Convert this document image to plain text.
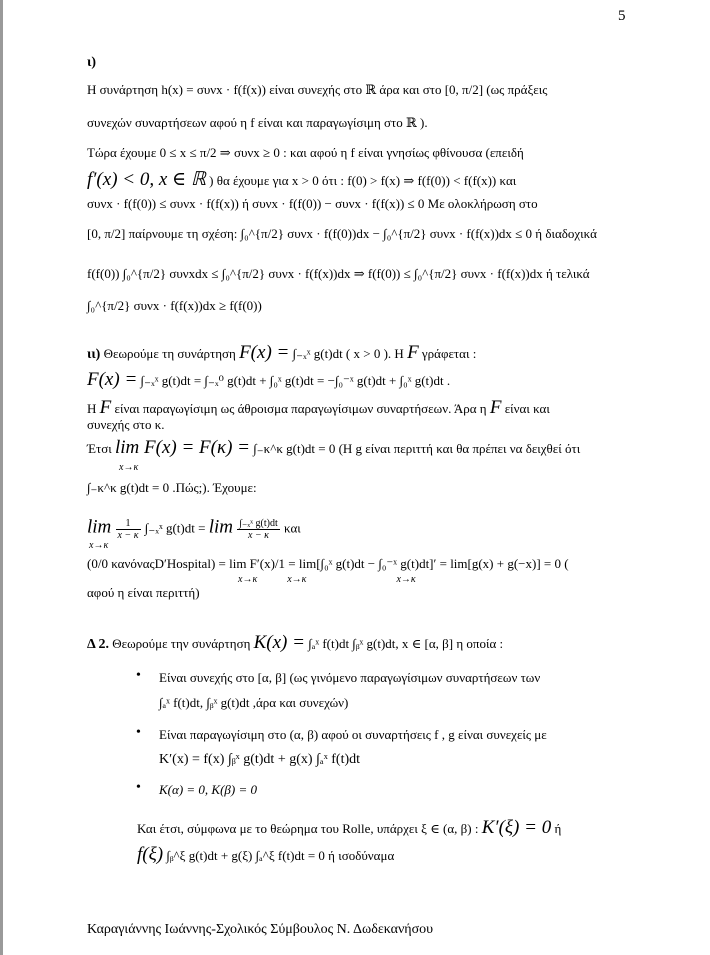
5
ι)
Η συνάρτηση h(x) = συνx · f(f(x)) είναι συνεχής στο ℝ άρα και στο [0, π/2] (ως πράξεις
συνεχών συναρτήσεων αφού η f είναι και παραγωγίσιμη στο ℝ ).
Τώρα έχουμε 0 ≤ x ≤ π/2 ⇒ συνx ≥ 0 : και αφού η f είναι γνησίως φθίνουσα (επειδή
f′(x) < 0, x ∈ ℝ ) θα έχουμε για x > 0 ότι : f(0) > f(x) ⇒ f(f(0)) < f(f(x)) και
συνx · f(f(0)) ≤ συνx · f(f(x)) ή συνx · f(f(0)) − συνx · f(f(x)) ≤ 0 Με ολοκλήρωση στο
[0, π/2] παίρνουμε τη σχέση: ∫₀^{π/2} συνx · f(f(0))dx − ∫₀^{π/2} συνx · f(f(x))dx ≤ 0 ή διαδοχικά
f(f(0)) ∫₀^{π/2} συνxdx ≤ ∫₀^{π/2} συνx · f(f(x))dx ⇒ f(f(0)) ≤ ∫₀^{π/2} συνx · f(f(x))dx ή τελικά
∫₀^{π/2} συνx · f(f(x))dx ≥ f(f(0))
ιι) Θεωρούμε τη συνάρτηση F(x) = ∫₋ₓˣ g(t)dt ( x > 0 ). Η F γράφεται :
F(x) = ∫₋ₓˣ g(t)dt = ∫₋ₓ⁰ g(t)dt + ∫₀ˣ g(t)dt = −∫₀⁻ˣ g(t)dt + ∫₀ˣ g(t)dt .
Η F είναι παραγωγίσιμη ως άθροισμα παραγωγίσιμων συναρτήσεων. Άρα η F είναι και
συνεχής στο κ.
Έτσι lim F(x) = F(κ) = ∫₋κ^κ g(t)dt = 0 (Η g είναι περιττή και θα πρέπει να δειχθεί ότι
x→κ
∫₋κ^κ g(t)dt = 0 .Πώς;). Έχουμε:
$\lim \frac{1}{x - \kappa}$ ∫₋ₓˣ $g(t)dt = \lim \frac{\text{∫₋ₓˣ g(t)dt}}{x - \kappa}$ και
x→κ
(0/0 κανόναςD′Hospital) = lim F′(x)/1 = lim[∫₀ˣ g(t)dt − ∫₀⁻ˣ g(t)dt]′ = lim[g(x) + g(−x)] = 0 (
x→κ            x→κ                                    x→κ
αφού η είναι περιττή)
Δ 2. Θεωρούμε την συνάρτηση K(x) = ∫ₐˣ f(t)dt ∫ᵦˣ g(t)dt, x ∈ [α, β] η οποία :
• Είναι συνεχής στο [α, β] (ως γινόμενο παραγωγίσιμων συναρτήσεων των
∫ₐˣ f(t)dt, ∫ᵦˣ g(t)dt ,άρα και συνεχών)
• Είναι παραγωγίσιμη στο (α, β) αφού οι συναρτήσεις f , g είναι συνεχείς με
K′(x) = f(x) ∫ᵦˣ g(t)dt + g(x) ∫ₐˣ f(t)dt
• K(α) = 0, K(β) = 0
Και έτσι, σύμφωνα με το θεώρημα του Rolle, υπάρχει ξ ∈ (α, β) : K′(ξ) = 0 ή
f(ξ) ∫ᵦ^ξ g(t)dt + g(ξ) ∫ₐ^ξ f(t)dt = 0 ή ισοδύναμα
Καραγιάννης Ιωάννης-Σχολικός Σύμβουλος Ν. Δωδεκανήσου
